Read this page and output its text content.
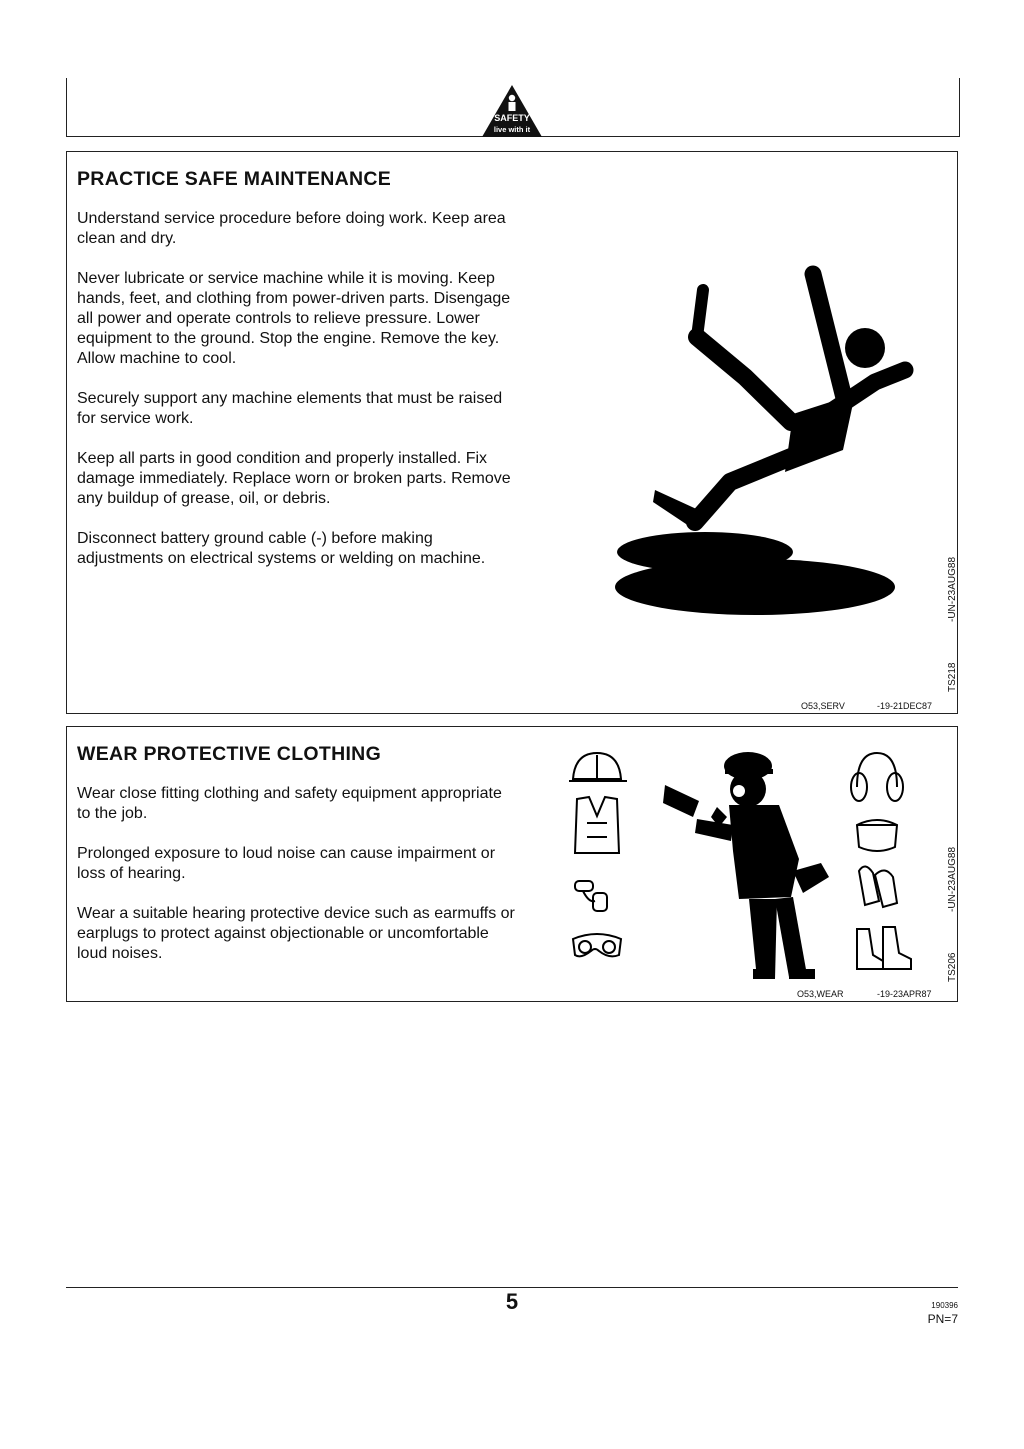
SAFETY
live with it
PRACTICE SAFE MAINTENANCE

Understand service procedure before doing work. Keep area clean and dry.

Never lubricate or service machine while it is moving. Keep hands, feet, and clothing from power-driven parts. Disengage all power and operate controls to relieve pressure. Lower equipment to the ground. Stop the engine. Remove the key. Allow machine to cool.

Securely support any machine elements that must be raised for service work.

Keep all parts in good condition and properly installed. Fix damage immediately. Replace worn or broken parts. Remove any buildup of grease, oil, or debris.

Disconnect battery ground cable (-) before making adjustments on electrical systems or welding on machine.	-UN-23AUG88
TS218
O53,SERV	-19-21DEC87
WEAR PROTECTIVE CLOTHING

Wear close fitting clothing and safety equipment appropriate to the job.

Prolonged exposure to loud noise can cause impairment or loss of hearing.

Wear a suitable hearing protective device such as earmuffs or earplugs to protect against objectionable or uncomfortable loud noises.

-UN-23AUG88
TS206
O53,WEAR	-19-23APR87
5	190396
PN=7
